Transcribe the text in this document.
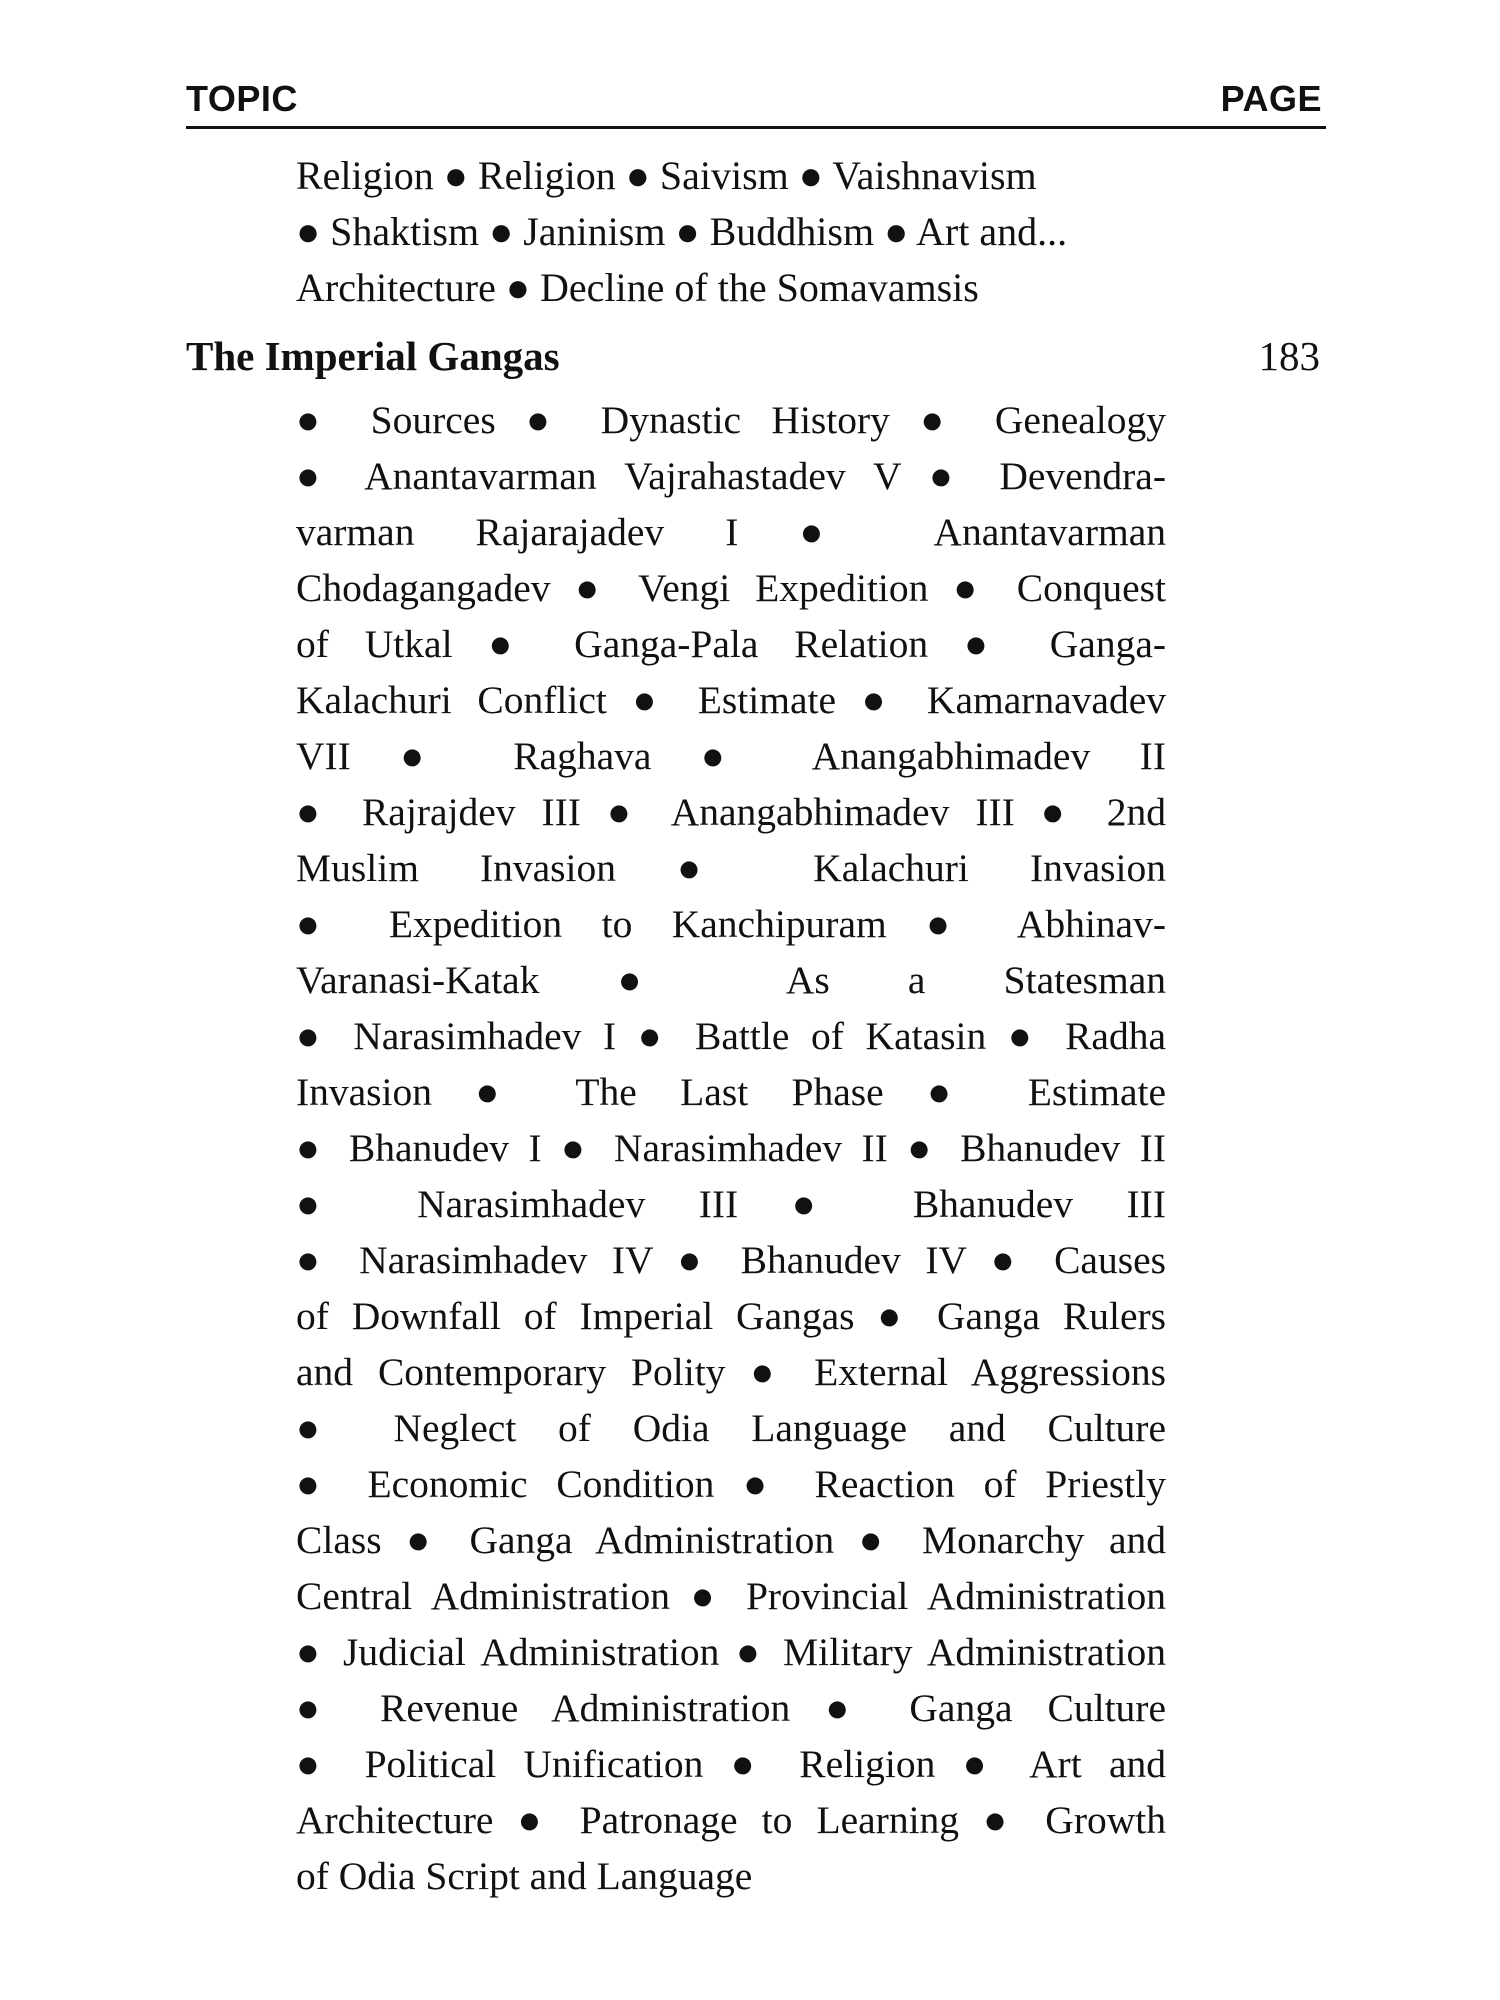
TOPIC	PAGE
Religion ● Religion ● Saivism ● Vaishnavism
● Shaktism ● Janinism ● Buddhism ● Art and...
Architecture ● Decline of the Somavamsis
The Imperial Gangas	183
● Sources ● Dynastic History ● Genealogy
● Anantavarman Vajrahastadev V ● Devendra-
varman Rajarajadev I ● Anantavarman
Chodagangadev ● Vengi Expedition ● Conquest
of Utkal ● Ganga-Pala Relation ● Ganga-
Kalachuri Conflict ● Estimate ● Kamarnavadev
VII ● Raghava ● Anangabhimadev II
● Rajrajdev III ● Anangabhimadev III ● 2nd
Muslim Invasion ● Kalachuri Invasion
● Expedition to Kanchipuram ● Abhinav-
Varanasi-Katak ● As a Statesman
● Narasimhadev I ● Battle of Katasin ● Radha
Invasion ● The Last Phase ● Estimate
● Bhanudev I ● Narasimhadev II ● Bhanudev II
● Narasimhadev III ● Bhanudev III
● Narasimhadev IV ● Bhanudev IV ● Causes
of Downfall of Imperial Gangas ● Ganga Rulers
and Contemporary Polity ● External Aggressions
● Neglect of Odia Language and Culture
● Economic Condition ● Reaction of Priestly
Class ● Ganga Administration ● Monarchy and
Central Administration ● Provincial Administration
● Judicial Administration ● Military Administration
● Revenue Administration ● Ganga Culture
● Political Unification ● Religion ● Art and
Architecture ● Patronage to Learning ● Growth
of Odia Script and Language
